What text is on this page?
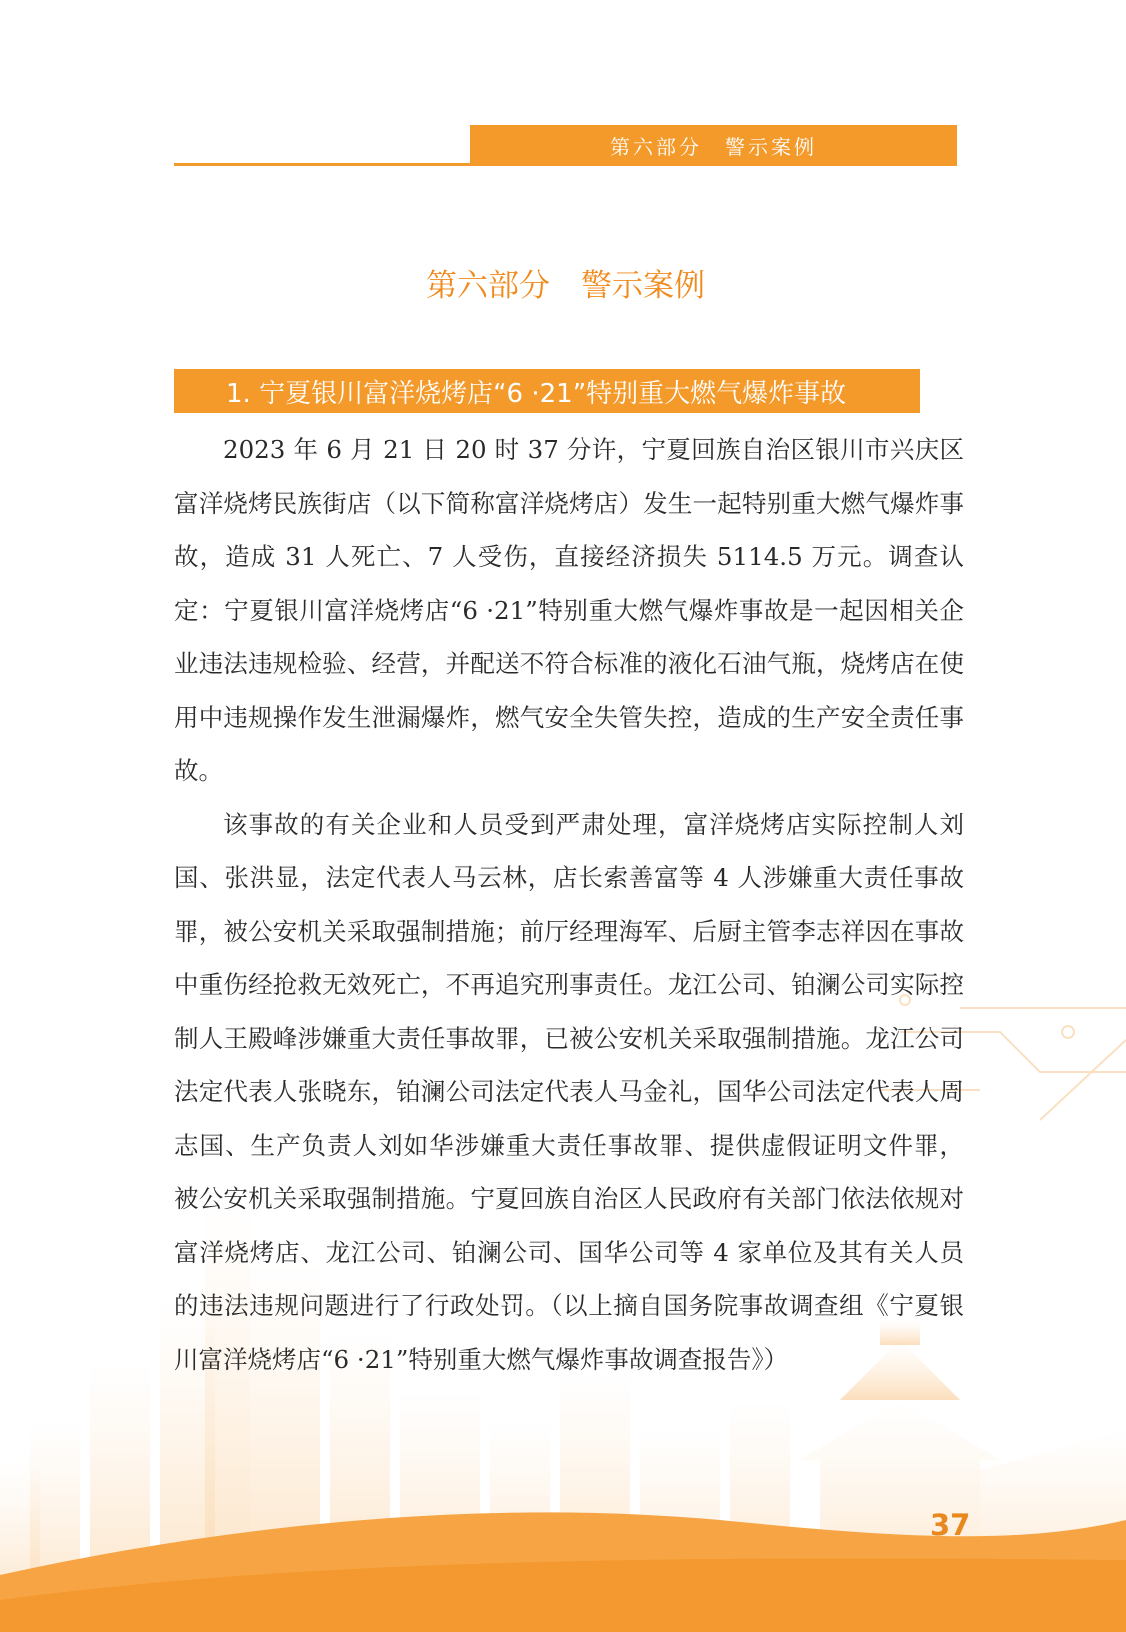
第六部分　警示案例
第六部分　警示案例
1. 宁夏银川富洋烧烤店“6 ·21”特别重大燃气爆炸事故

2023 年 6 月 21 日 20 时 37 分许，宁夏回族自治区银川市兴庆区富洋烧烤民族街店（以下简称富洋烧烤店）发生一起特别重大燃气爆炸事故，造成 31 人死亡、7 人受伤，直接经济损失 5114.5 万元。调查认定：宁夏银川富洋烧烤店“6 ·21”特别重大燃气爆炸事故是一起因相关企业违法违规检验、经营，并配送不符合标准的液化石油气瓶，烧烤店在使用中违规操作发生泄漏爆炸，燃气安全失管失控，造成的生产安全责任事故。

该事故的有关企业和人员受到严肃处理，富洋烧烤店实际控制人刘国、张洪显，法定代表人马云林，店长索善富等 4 人涉嫌重大责任事故罪，被公安机关采取强制措施；前厅经理海军、后厨主管李志祥因在事故中重伤经抢救无效死亡，不再追究刑事责任。龙江公司、铂澜公司实际控制人王殿峰涉嫌重大责任事故罪，已被公安机关采取强制措施。龙江公司法定代表人张晓东，铂澜公司法定代表人马金礼，国华公司法定代表人周志国、生产负责人刘如华涉嫌重大责任事故罪、提供虚假证明文件罪， 被公安机关采取强制措施。宁夏回族自治区人民政府有关部门依法依规对富洋烧烤店、龙江公司、铂澜公司、国华公司等 4 家单位及其有关人员的违法违规问题进行了行政处罚。（以上摘自国务院事故调查组《宁夏银川富洋烧烤店“6 ·21”特别重大燃气爆炸事故调查报告》）

37
